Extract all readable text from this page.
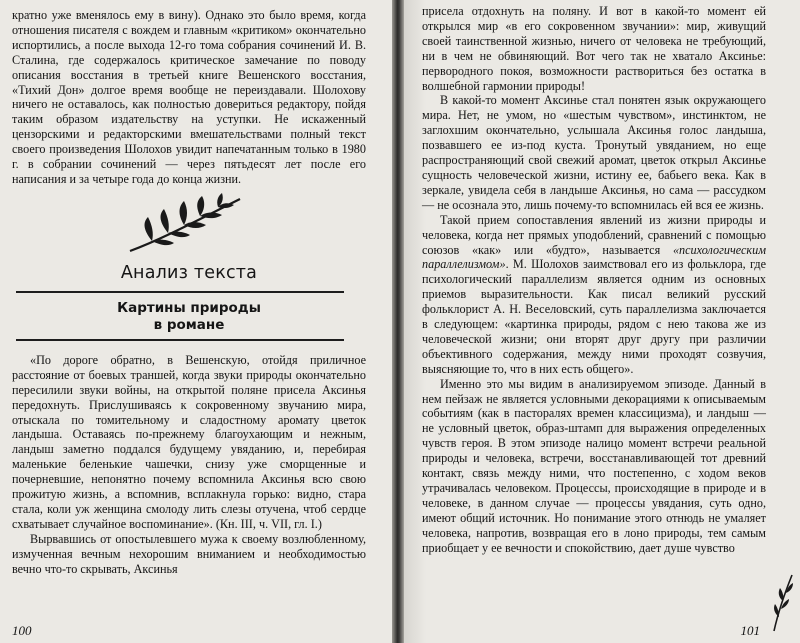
кратно уже вменялось ему в вину). Однако это было время, когда отношения писателя с вождем и главным «критиком» окончательно испортились, а после выхода 12-го тома собрания сочинений И. В. Сталина, где содержалось критическое замечание по поводу описания восстания в третьей книге Вешенского восстания, «Тихий Дон» долгое время вообще не переиздавали. Шолохову ничего не оставалось, как полностью довериться редактору, пойдя таким образом издательству на уступки. Не искаженный цензорскими и редакторскими вмешательствами полный текст своего произведения Шолохов увидит напечатанным только в 1980 г. в собрании сочинений — через пятьдесят лет после его написания и за четыре года до конца жизни.

Анализ текста
Картины природы
в романе

«По дороге обратно, в Вешенскую, отойдя приличное расстояние от боевых траншей, когда звуки природы окончательно пересилили звуки войны, на открытой поляне присела Аксинья передохнуть. Прислушиваясь к сокровенному звучанию мира, отыскала по томительному и сладостному аромату цветок ландыша. Оставаясь по-прежнему благоухающим и нежным, ландыш заметно поддался будущему увяданию, и, перебирая маленькие беленькие чашечки, снизу уже сморщенные и почерневшие, непонятно почему вспомнила Аксинья всю свою прожитую жизнь, а вспомнив, всплакнула горько: видно, стара стала, коли уж женщина смолоду лить слезы отучена, чтоб сердце схватывает случайное воспоминание». (Кн. III, ч. VII, гл. I.)

Вырвавшись от опостылевшего мужа к своему возлюбленному, измученная вечным нехорошим вниманием и необходимостью вечно что-то скрывать, Аксинья

100

присела отдохнуть на поляну. И вот в какой-то момент ей открылся мир «в его сокровенном звучании»: мир, живущий своей таинственной жизнью, ничего от человека не требующий, ни в чем не обвиняющий. Вот чего так не хватало Аксинье: первородного покоя, возможности раствориться без остатка в волшебной гармонии природы!

В какой-то момент Аксинье стал понятен язык окружающего мира. Нет, не умом, но «шестым чувством», инстинктом, не заглохшим окончательно, услышала Аксинья голос ландыша, позвавшего ее из-под куста. Тронутый увяданием, но еще распространяющий свой свежий аромат, цветок открыл Аксинье сущность человеческой жизни, истину ее, бабьего века. Как в зеркале, увидела себя в ландыше Аксинья, но сама — рассудком — не осознала это, лишь почему-то вспомнилась ей вся ее жизнь.

Такой прием сопоставления явлений из жизни природы и человека, когда нет прямых уподоблений, сравнений с помощью союзов «как» или «будто», называется «психологическим параллелизмом». М. Шолохов заимствовал его из фольклора, где психологический параллелизм является одним из основных приемов выразительности. Как писал великий русский фольклорист А. Н. Веселовский, суть параллелизма заключается в следующем: «картинка природы, рядом с нею такова же из человеческой жизни; они вторят друг другу при различии объективного содержания, между ними проходят созвучия, выясняющие то, что в них есть общего».

Именно это мы видим в анализируемом эпизоде. Данный в нем пейзаж не является условными декорациями к описываемым событиям (как в пасторалях времен классицизма), и ландыш — не условный цветок, образ-штамп для выражения определенных чувств героя. В этом эпизоде налицо момент встречи реальной природы и человека, встречи, восстанавливающей тот древний контакт, связь между ними, что постепенно, с ходом веков утрачивалась человеком. Процессы, происходящие в природе и в человеке, в данном случае — процессы увядания, суть одно, имеют общий источник. Но понимание этого отнюдь не умаляет человека, напротив, возвращая его в лоно природы, тем самым приобщает у ее вечности и спокойствию, дает душе чувство

101
